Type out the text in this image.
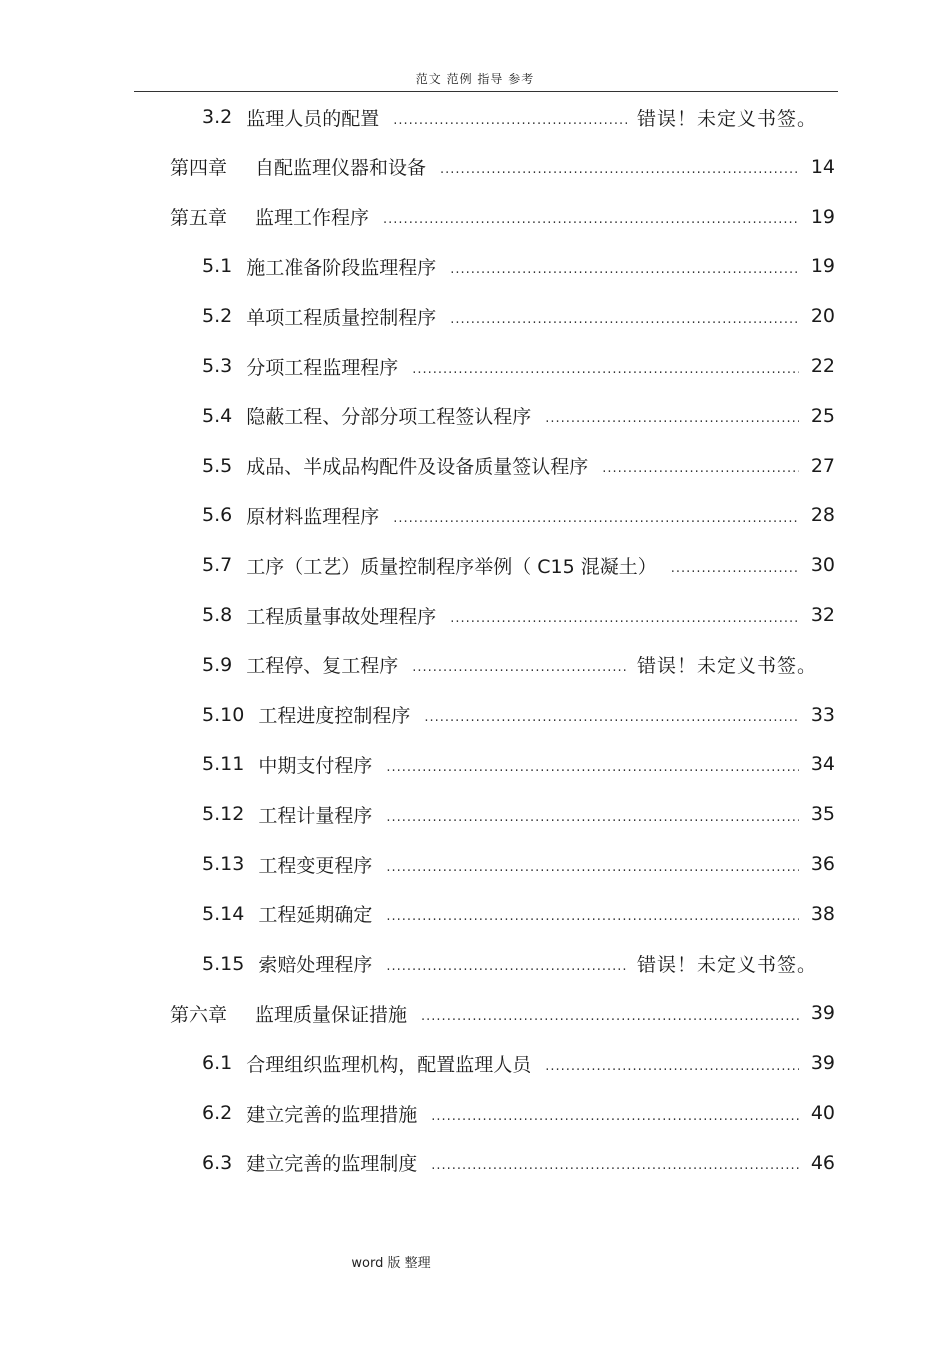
范文 范例 指导 参考
3.2 监理人员的配置 .....	错误！未定义书签。
第四章 自配监理仪器和设备 .....	14
第五章 监理工作程序 .....	19
5.1 施工准备阶段监理程序 .....	19
5.2 单项工程质量控制程序 .....	20
5.3 分项工程监理程序 .....	22
5.4 隐蔽工程、分部分项工程签认程序 .....	25
5.5 成品、半成品构配件及设备质量签认程序 .....	27
5.6 原材料监理程序 .....	28
5.7 工序（工艺）质量控制程序举例（ C15 混凝土） .....	30
5.8 工程质量事故处理程序 .....	32
5.9 工程停、复工程序 .....	错误！未定义书签。
5.10 工程进度控制程序 .....	33
5.11 中期支付程序 .....	34
5.12 工程计量程序 .....	35
5.13 工程变更程序 .....	36
5.14 工程延期确定 .....	38
5.15 索赔处理程序 .....	错误！未定义书签。
第六章 监理质量保证措施 .....	39
6.1 合理组织监理机构，配置监理人员 .....	39
6.2 建立完善的监理措施 .....	40
6.3 建立完善的监理制度 .....	46
word 版 整理
